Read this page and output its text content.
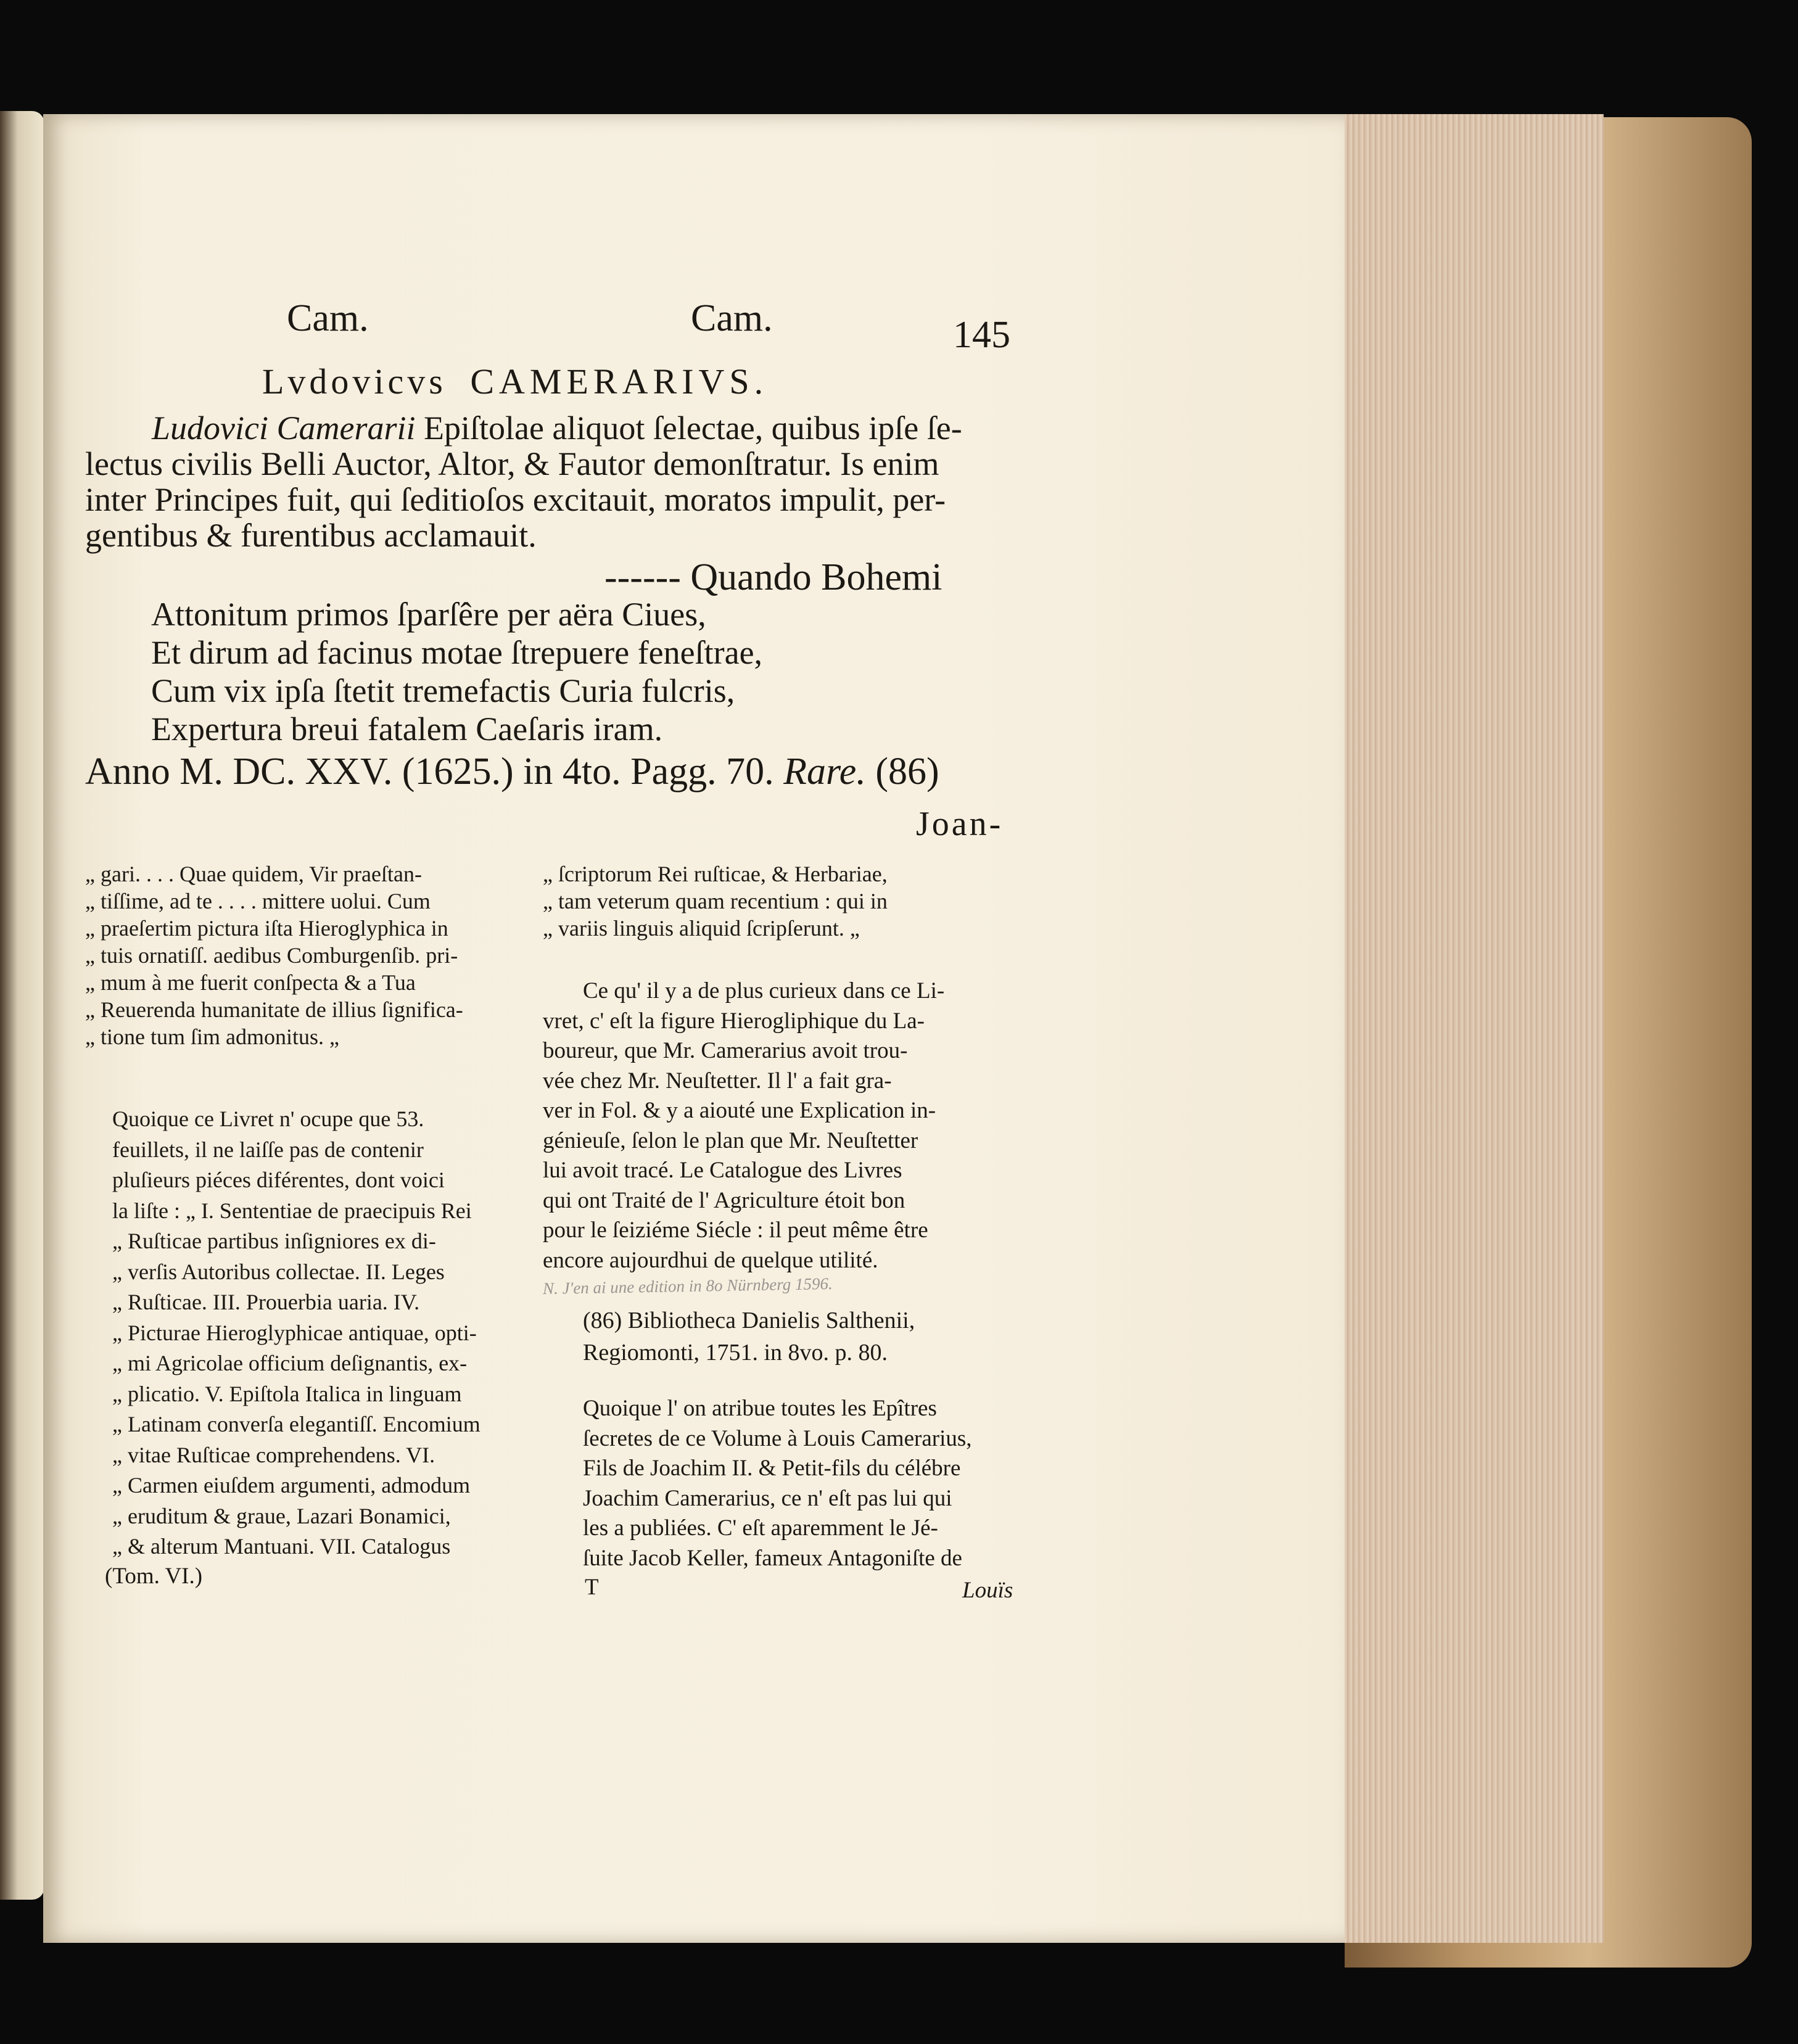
Cam.	Cam.	145
Lvdovicvs CAMERARIVS.
Ludovici Camerarii Epiſtolae aliquot ſelectae, quibus ipſe ſe-
lectus civilis Belli Auctor, Altor, & Fautor demonſtratur. Is enim
inter Principes fuit, qui ſeditioſos excitauit, moratos impulit, per-
gentibus & furentibus acclamauit.
------ Quando Bohemi
Attonitum primos ſparſêre per aëra Ciues,
Et dirum ad facinus motae ſtrepuere feneſtrae,
Cum vix ipſa ſtetit tremefactis Curia fulcris,
Expertura breui fatalem Caeſaris iram.
Anno M. DC. XXV. (1625.) in 4to. Pagg. 70. Rare. (86)
Joan-
„ gari. . . . Quae quidem, Vir praeſtan-
„ tiſſime, ad te . . . . mittere uolui. Cum
„ praeſertim pictura iſta Hieroglyphica in
„ tuis ornatiſſ. aedibus Comburgenſib. pri-
„ mum à me fuerit conſpecta & a Tua
„ Reuerenda humanitate de illius ſignifica-
„ tione tum ſim admonitus. „
Quoique ce Livret n' ocupe que 53.
feuillets, il ne laiſſe pas de contenir
pluſieurs piéces diférentes, dont voici
la liſte : „ I. Sententiae de praecipuis Rei
„ Ruſticae partibus inſigniores ex di-
„ verſis Autoribus collectae. II. Leges
„ Ruſticae. III. Prouerbia uaria. IV.
„ Picturae Hieroglyphicae antiquae, opti-
„ mi Agricolae officium deſignantis, ex-
„ plicatio. V. Epiſtola Italica in linguam
„ Latinam converſa elegantiſſ. Encomium
„ vitae Ruſticae comprehendens. VI.
„ Carmen eiuſdem argumenti, admodum
„ eruditum & graue, Lazari Bonamici,
„ & alterum Mantuani. VII. Catalogus
(Tom. VI.)
„ ſcriptorum Rei ruſticae, & Herbariae,
„ tam veterum quam recentium : qui in
„ variis linguis aliquid ſcripſerunt. „
Ce qu' il y a de plus curieux dans ce Li-
vret, c' eſt la figure Hierogliphique du La-
boureur, que Mr. Camerarius avoit trou-
vée chez Mr. Neuſtetter. Il l' a fait gra-
ver in Fol. & y a aiouté une Explication in-
génieuſe, ſelon le plan que Mr. Neuſtetter
lui avoit tracé. Le Catalogue des Livres
qui ont Traité de l' Agriculture étoit bon
pour le ſeiziéme Siécle : il peut même être
encore aujourdhui de quelque utilité.
N. J'en ai une edition in 8o Nürnberg 1596.
(86) Bibliotheca Danielis Salthenii,
Regiomonti, 1751. in 8vo. p. 80.
Quoique l' on atribue toutes les Epîtres
ſecretes de ce Volume à Louis Camerarius,
Fils de Joachim II. & Petit-fils du célébre
Joachim Camerarius, ce n' eſt pas lui qui
les a publiées. C' eſt aparemment le Jé-
ſuite Jacob Keller, fameux Antagoniſte de
T	Louïs
